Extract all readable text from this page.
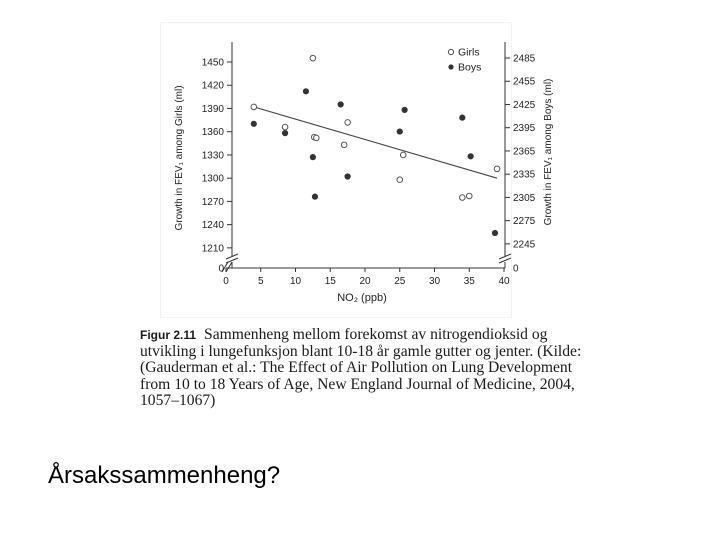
0	5	10 15 20 25 30 35 40
0
1210
1240
1270
1300
1330
1360
1390
1420
1450
0
2245
2275
2305
2335
2365
2395
2425
2455
2485
Girls
Boys
NO₂ (ppb)
Growth in FEV₁ among Girls (ml)	Growth in FEV₁ among Boys (ml)

Figur 2.11 Sammenheng mellom forekomst av nitrogendioksid og utvikling i lungefunksjon blant 10-18 år gamle gutter og jenter. (Kilde: (Gauderman et al.: The Effect of Air Pollution on Lung Development from 10 to 18 Years of Age, New England Journal of Medicine, 2004, 1057–1067)

Årsakssammenheng?
